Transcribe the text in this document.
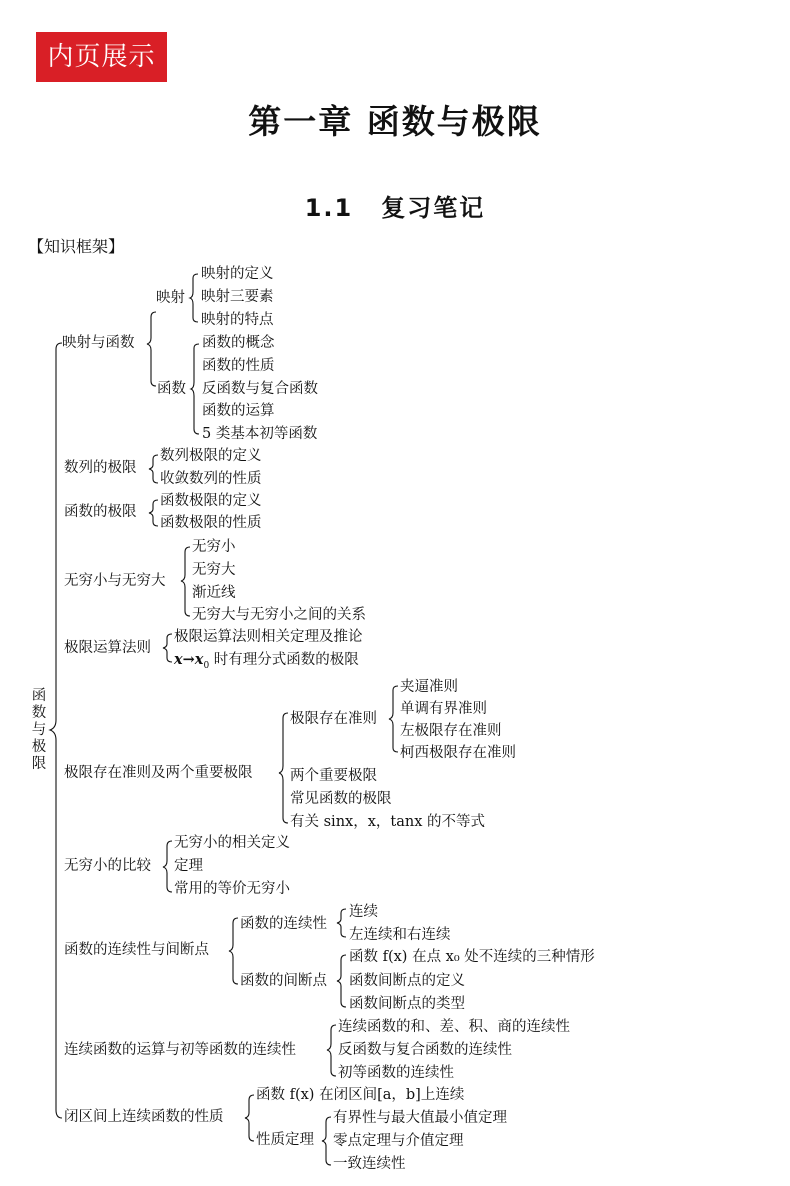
内页展示
第一章 函数与极限
1.1 复习笔记
【知识框架】
函
数
与
极
限
映射与函数
映射
映射的定义
映射三要素
映射的特点
函数
函数的概念
函数的性质
反函数与复合函数
函数的运算
5 类基本初等函数
数列的极限
数列极限的定义
收敛数列的性质
函数的极限
函数极限的定义
函数极限的性质
无穷小与无穷大
无穷小
无穷大
渐近线
无穷大与无穷小之间的关系
极限运算法则
极限运算法则相关定理及推论
$x\to x_0$ 时有理分式函数的极限
极限存在准则及两个重要极限
极限存在准则
夹逼准则
单调有界准则
左极限存在准则
柯西极限存在准则
两个重要极限
常见函数的极限
有关 sinx，x，tanx 的不等式
无穷小的比较
无穷小的相关定义
定理
常用的等价无穷小
函数的连续性与间断点
函数的连续性
连续
左连续和右连续
函数的间断点
函数 f(x) 在点 x₀ 处不连续的三种情形
函数间断点的定义
函数间断点的类型
连续函数的运算与初等函数的连续性
连续函数的和、差、积、商的连续性
反函数与复合函数的连续性
初等函数的连续性
闭区间上连续函数的性质
函数 f(x) 在闭区间[a，b]上连续
性质定理
有界性与最大值最小值定理
零点定理与介值定理
一致连续性
